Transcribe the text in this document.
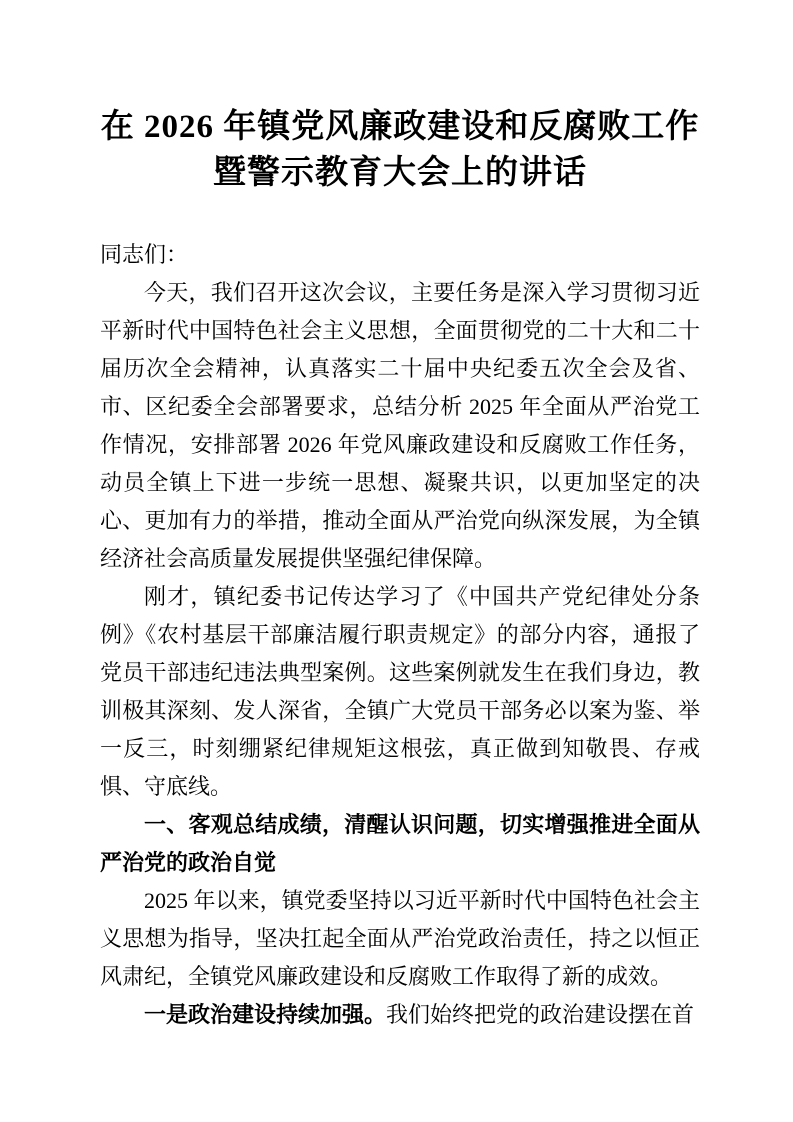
在 2026 年镇党风廉政建设和反腐败工作
暨警示教育大会上的讲话

同志们：

今天，我们召开这次会议，主要任务是深入学习贯彻习近平新时代中国特色社会主义思想，全面贯彻党的二十大和二十届历次全会精神，认真落实二十届中央纪委五次全会及省、市、区纪委全会部署要求，总结分析 2025 年全面从严治党工作情况，安排部署 2026 年党风廉政建设和反腐败工作任务，动员全镇上下进一步统一思想、凝聚共识，以更加坚定的决心、更加有力的举措，推动全面从严治党向纵深发展，为全镇经济社会高质量发展提供坚强纪律保障。

刚才，镇纪委书记传达学习了《中国共产党纪律处分条例》《农村基层干部廉洁履行职责规定》的部分内容，通报了党员干部违纪违法典型案例。这些案例就发生在我们身边，教训极其深刻、发人深省，全镇广大党员干部务必以案为鉴、举一反三，时刻绷紧纪律规矩这根弦，真正做到知敬畏、存戒惧、守底线。

一、客观总结成绩，清醒认识问题，切实增强推进全面从严治党的政治自觉

2025 年以来，镇党委坚持以习近平新时代中国特色社会主义思想为指导，坚决扛起全面从严治党政治责任，持之以恒正风肃纪，全镇党风廉政建设和反腐败工作取得了新的成效。

一是政治建设持续加强。我们始终把党的政治建设摆在首
